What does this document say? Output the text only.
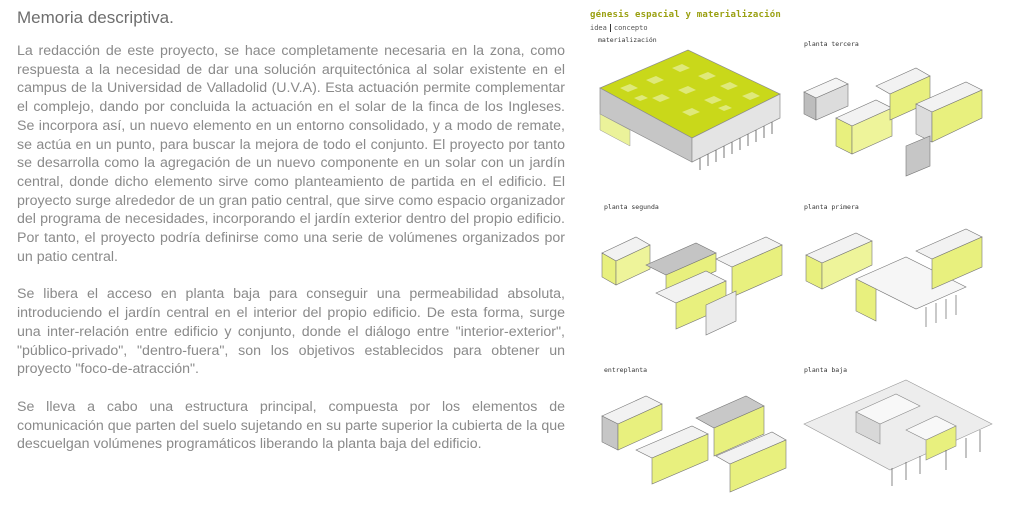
Memoria descriptiva.

La redacción de este proyecto, se hace completamente necesaria en la zona, como respuesta a la necesidad de dar una solución arquitectónica al solar existente en el campus de la Universidad de Valladolid (U.V.A). Esta actuación permite complementar el complejo, dando por concluida la actuación en el solar de la finca de los Ingleses. Se incorpora así, un nuevo elemento en un entorno consolidado, y a modo de remate, se actúa en un punto, para buscar la mejora de todo el conjunto. El proyecto por tanto se desarrolla como la agregación de un nuevo componente en un solar con un jardín central, donde dicho elemento sirve como planteamiento de partida en el edificio. El proyecto surge alrededor de un gran patio central, que sirve como espacio organizador del programa de necesidades, incorporando el jardín exterior dentro del propio edificio. Por tanto, el proyecto podría definirse como una serie de volúmenes organizados por un patio central.

Se libera el acceso en planta baja para conseguir una permeabilidad absoluta, introduciendo el jardín central en el interior del propio edificio. De esta forma, surge una inter-relación entre edificio y conjunto, donde el diálogo entre "interior-exterior", "público-privado", "dentro-fuera", son los objetivos establecidos para obtener un proyecto "foco-de-atracción".

Se lleva a cabo una estructura principal, compuesta por los elementos de comunicación que parten del suelo sujetando en su parte superior la cubierta de la que descuelgan volúmenes programáticos liberando la planta baja del edificio.

génesis espacial y materialización
idea concepto
materialización	planta tercera
planta segunda	planta primera
entreplanta	planta baja
